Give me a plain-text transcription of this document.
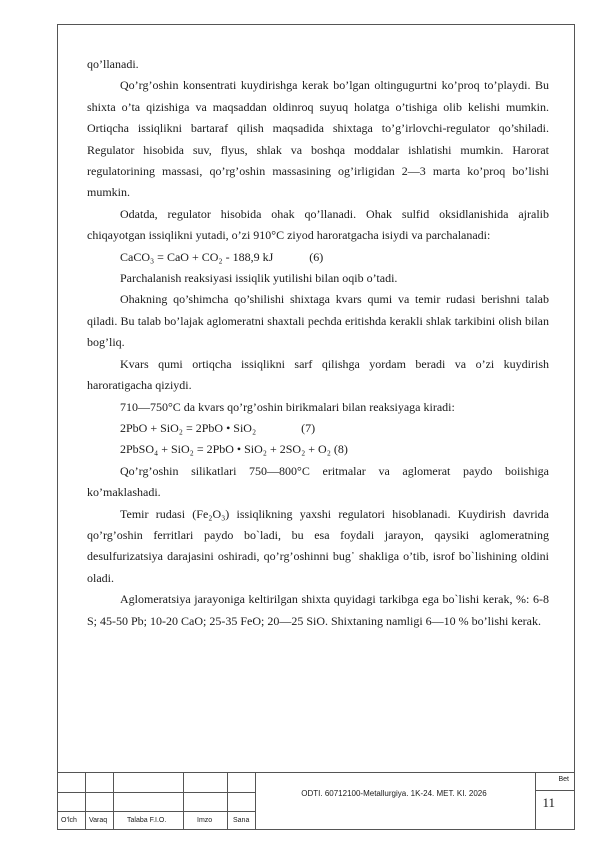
qo’llanadi.

Qo’rg’oshin konsentrati kuydirishga kerak bo’lgan oltingugurtni ko’proq to’playdi. Bu shixta o’ta qizishiga va maqsaddan oldinroq suyuq holatga o’tishiga olib kelishi mumkin. Ortiqcha issiqlikni bartaraf qilish maqsadida shixtaga to’g’irlovchi-regulator qo’shiladi. Regulator hisobida suv, flyus, shlak va boshqa moddalar ishlatishi mumkin. Harorat regulatorining massasi, qo’rg’oshin massasining og’irligidan 2—3 marta ko’proq bo’lishi mumkin.

Odatda, regulator hisobida ohak qo’llanadi. Ohak sulfid oksidlanishida ajralib chiqayotgan issiqlikni yutadi, o’zi 910°C ziyod haroratgacha isiydi va parchalanadi:

CaCO₃ = CaO + CO₂ - 188,9 kJ            (6)

Parchalanish reaksiyasi issiqlik yutilishi bilan oqib o’tadi.

Ohakning qo’shimcha qo’shilishi shixtaga kvars qumi va temir rudasi berishni talab qiladi. Bu talab bo’lajak aglomeratni shaxtali pechda eritishda kerakli shlak tarkibini olish bilan bog’liq.

Kvars qumi ortiqcha issiqlikni sarf qilishga yordam beradi va o’zi kuydirish haroratigacha qiziydi.

710—750°C da kvars qo’rg’oshin birikmalari bilan reaksiyaga kiradi:

2PbO + SiO₂ = 2PbO • SiO₂               (7)

2PbSO₄ + SiO₂ = 2PbO • SiO₂ + 2SO₂ + O₂ (8)

Qo’rg’oshin silikatlari 750—800°C eritmalar va aglomerat paydo boiishiga ko’maklashadi.

Temir rudasi (Fe₂O₃) issiqlikning yaxshi regulatori hisoblanadi. Kuydirish davrida qo’rg’oshin ferritlari paydo bo`ladi, bu esa foydali jarayon, qaysiki aglomeratning desulfurizatsiya darajasini oshiradi, qo’rg’oshinni bug᾿ shakliga o’tib, isrof bo`lishining oldini oladi.

Aglomeratsiya jarayoniga keltirilgan shixta quyidagi tarkibga ega bo`lishi kerak, %: 6-8 S; 45-50 Pb; 10-20 CaO; 25-35 FeO; 20—25 SiO. Shixtaning namligi 6—10 % bo’lishi kerak.

O’lch Varaq	Talaba F.I.O.	Imzo	Sana
ODTI. 60712100-Metallurgiya. 1K-24. MET. KI. 2026
Bet
11
